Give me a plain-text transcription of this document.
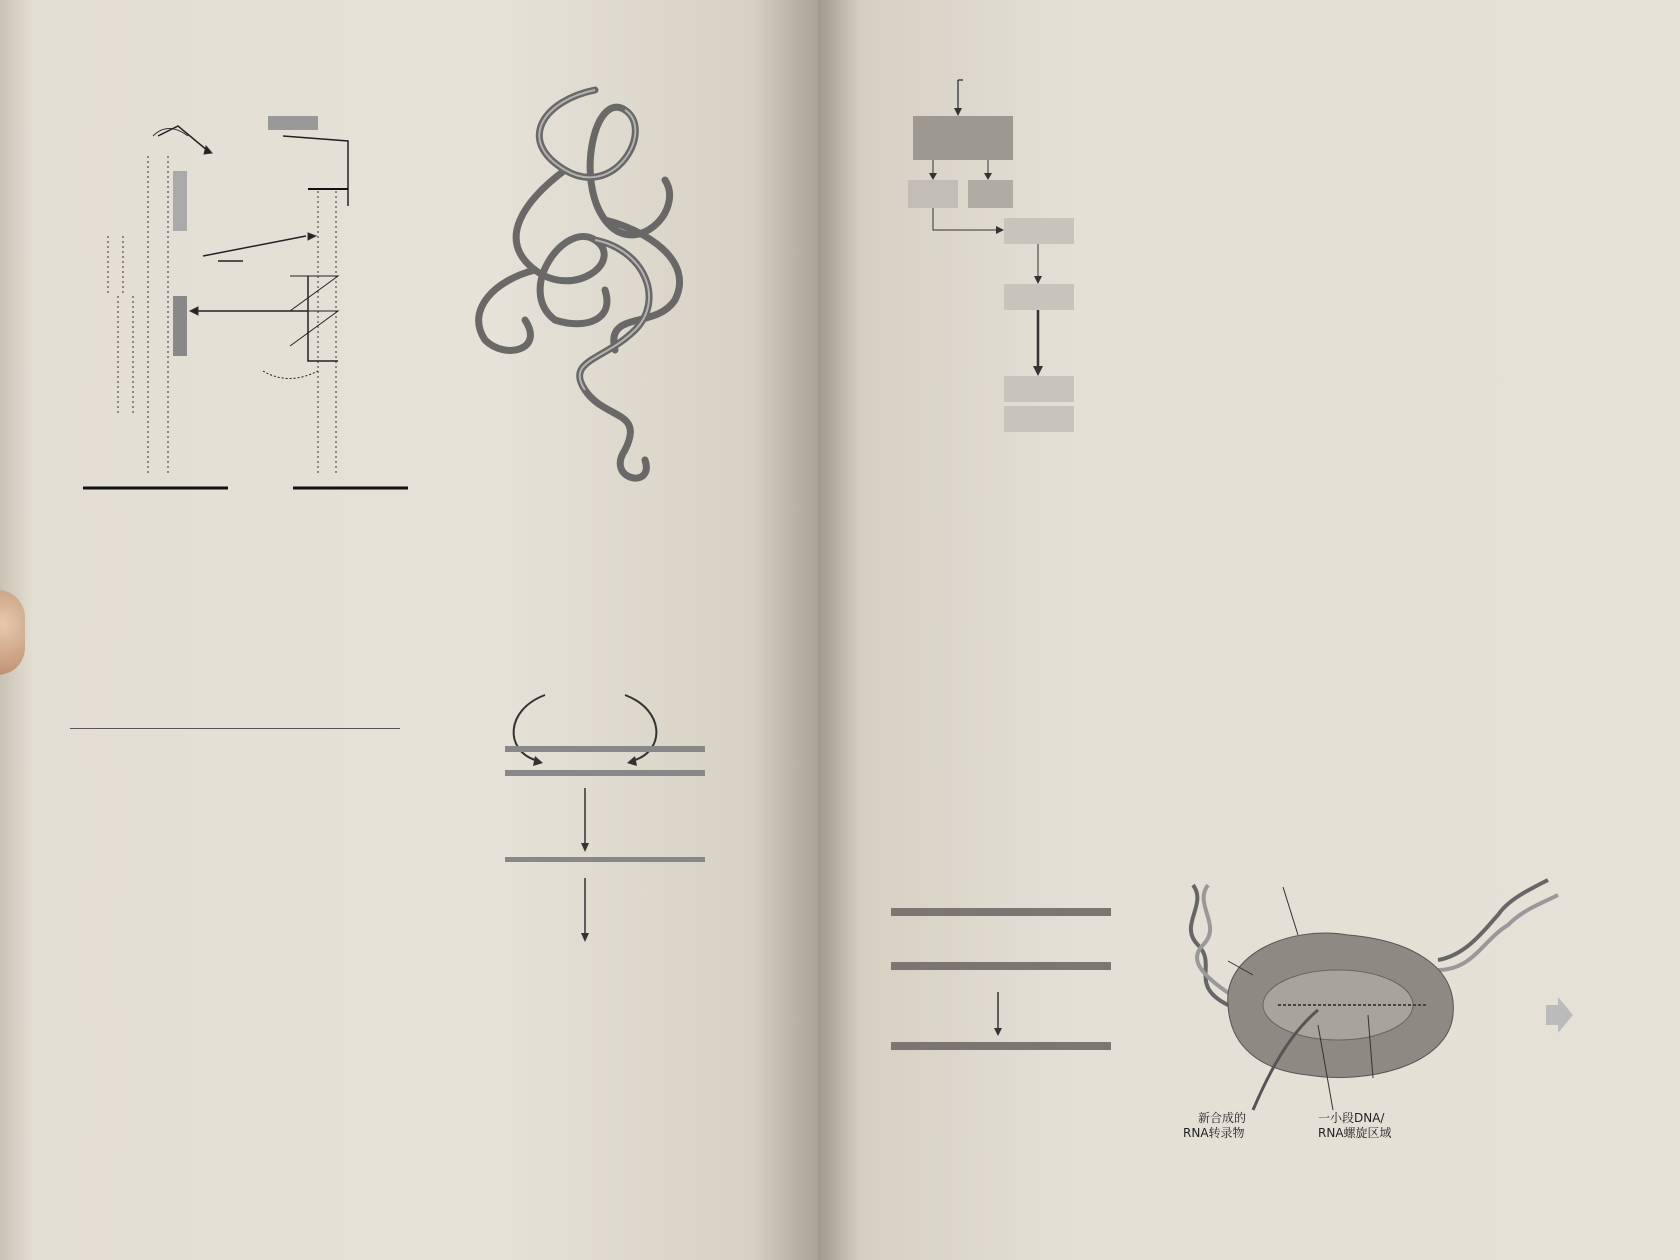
一小段DNA/
RNA螺旋区域
新合成的
RNA转录物
